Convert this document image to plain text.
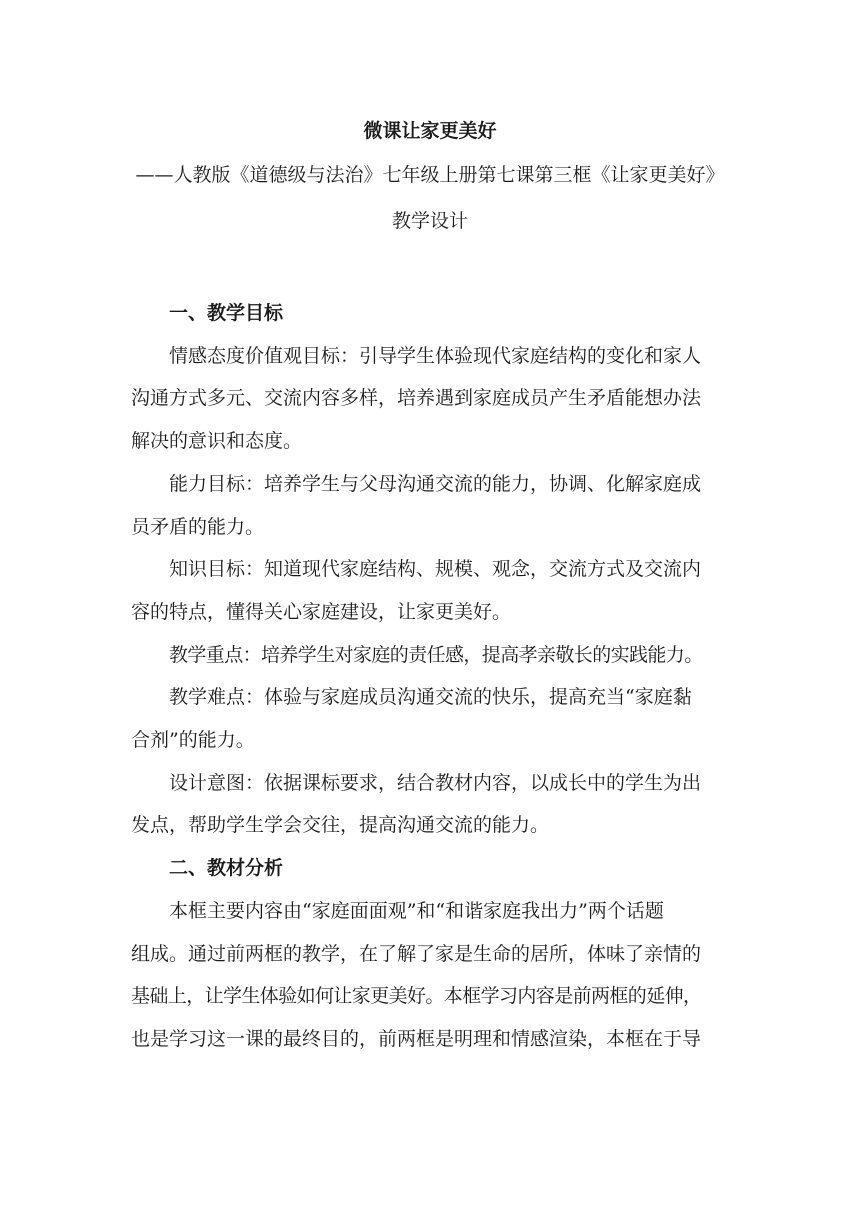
微课让家更美好
——人教版《道德级与法治》七年级上册第七课第三框《让家更美好》
教学设计

一、教学目标

情感态度价值观目标：引导学生体验现代家庭结构的变化和家人

沟通方式多元、交流内容多样，培养遇到家庭成员产生矛盾能想办法

解决的意识和态度。

能力目标：培养学生与父母沟通交流的能力，协调、化解家庭成

员矛盾的能力。

知识目标：知道现代家庭结构、规模、观念，交流方式及交流内

容的特点，懂得关心家庭建设，让家更美好。

教学重点：培养学生对家庭的责任感，提高孝亲敬长的实践能力。

教学难点：体验与家庭成员沟通交流的快乐，提高充当“家庭黏

合剂”的能力。

设计意图：依据课标要求，结合教材内容，以成长中的学生为出

发点，帮助学生学会交往，提高沟通交流的能力。

二、教材分析

本框主要内容由“家庭面面观”和“和谐家庭我出力”两个话题

组成。通过前两框的教学，在了解了家是生命的居所，体味了亲情的

基础上，让学生体验如何让家更美好。本框学习内容是前两框的延伸，

也是学习这一课的最终目的，前两框是明理和情感渲染，本框在于导
